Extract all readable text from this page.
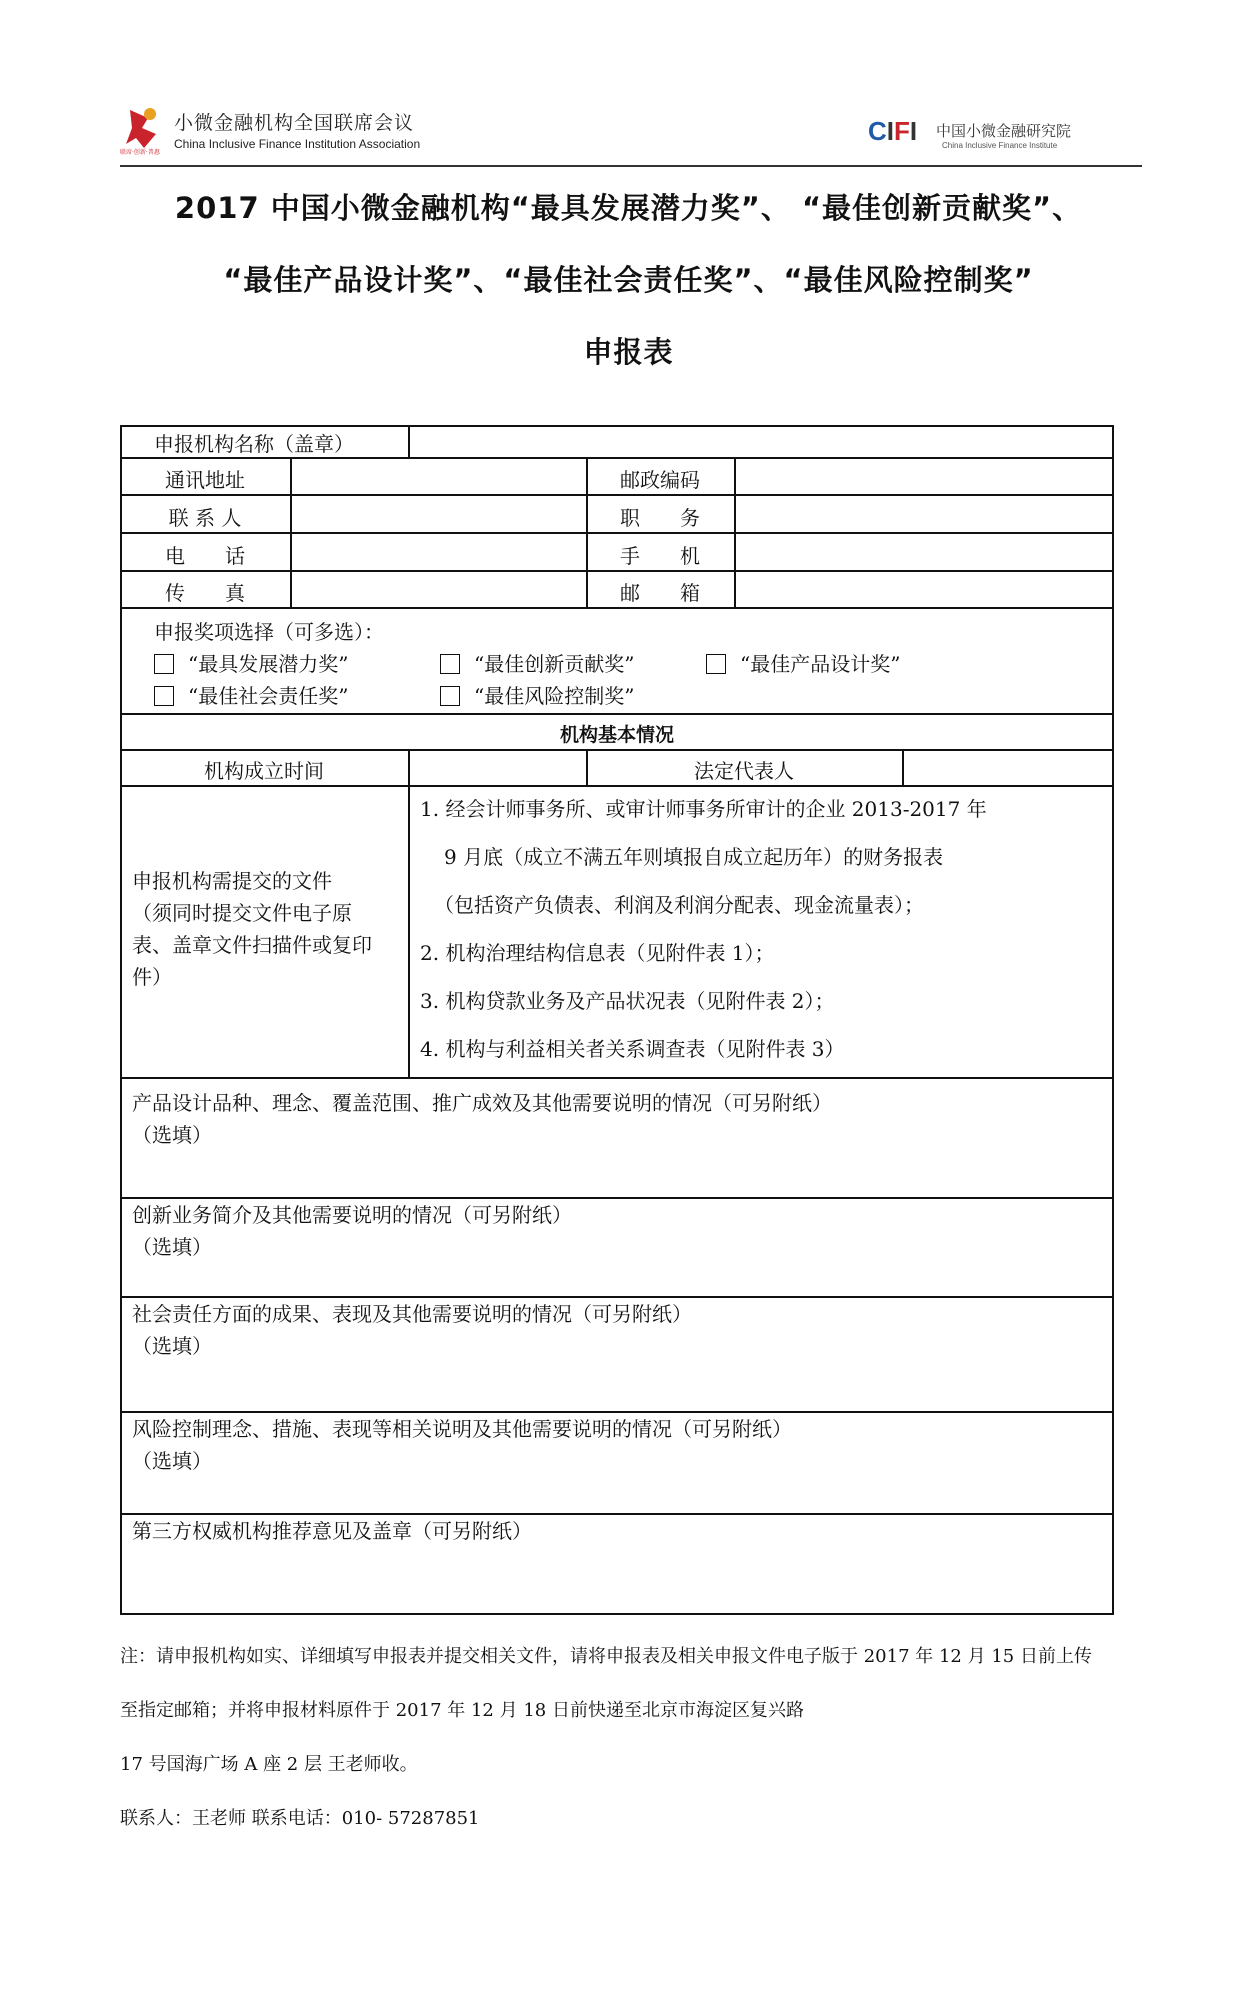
联席·创新·普惠
小微金融机构全国联席会议
China Inclusive Finance Institution Association	CIFI 中国小微金融研究院
China Inclusive Finance Institute
2017 中国小微金融机构“最具发展潜力奖”、 “最佳创新贡献奖”、
“最佳产品设计奖”、“最佳社会责任奖”、“最佳风险控制奖”
申报表
申报机构名称（盖章）
通讯地址	邮政编码
联 系 人	职　　务
电　　话	手　　机
传　　真	邮　　箱
申报奖项选择（可多选）：
“最具发展潜力奖”	“最佳创新贡献奖”	“最佳产品设计奖”
“最佳社会责任奖”	“最佳风险控制奖”
机构基本情况
机构成立时间	法定代表人
申报机构需提交的文件
（须同时提交文件电子原
表、盖章文件扫描件或复印
件）
1. 经会计师事务所、或审计师事务所审计的企业 2013-2017 年
9 月底（成立不满五年则填报自成立起历年）的财务报表
（包括资产负债表、利润及利润分配表、现金流量表）；
2. 机构治理结构信息表（见附件表 1）；
3. 机构贷款业务及产品状况表（见附件表 2）；
4. 机构与利益相关者关系调查表（见附件表 3）
产品设计品种、理念、覆盖范围、推广成效及其他需要说明的情况（可另附纸）
（选填）
创新业务简介及其他需要说明的情况（可另附纸）
（选填）
社会责任方面的成果、表现及其他需要说明的情况（可另附纸）
（选填）
风险控制理念、措施、表现等相关说明及其他需要说明的情况（可另附纸）
（选填）
第三方权威机构推荐意见及盖章（可另附纸）
注：请申报机构如实、详细填写申报表并提交相关文件，请将申报表及相关申报文件电子版于 2017 年 12 月 15 日前上传
至指定邮箱；并将申报材料原件于 2017 年 12 月 18 日前快递至北京市海淀区复兴路
17 号国海广场 A 座 2 层 王老师收。
联系人：王老师 联系电话：010- 57287851
